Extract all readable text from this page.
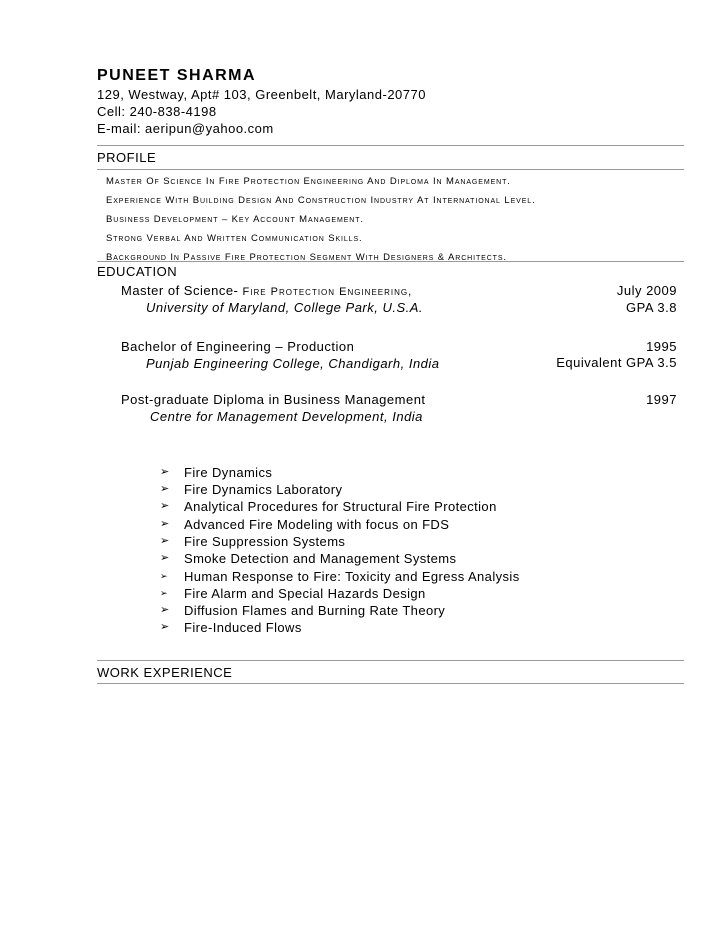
PUNEET SHARMA
129, Westway, Apt# 103, Greenbelt, Maryland-20770
Cell: 240-838-4198
E-mail: aeripun@yahoo.com
PROFILE
Master Of Science In Fire Protection Engineering And Diploma In Management.
Experience With Building Design And Construction Industry At International Level.
Business Development – Key Account Management.
Strong Verbal And Written Communication Skills.
Background In Passive Fire Protection Segment With Designers & Architects.
EDUCATION
Master of Science- Fire Protection Engineering,
University of Maryland, College Park, U.S.A.
July 2009
GPA 3.8
Bachelor of Engineering – Production
Punjab Engineering College, Chandigarh, India
1995
Equivalent GPA 3.5
Post-graduate Diploma in Business Management
Centre for Management Development, India
1997
➢ Fire Dynamics
➢ Fire Dynamics Laboratory
➢ Analytical Procedures for Structural Fire Protection
➢ Advanced Fire Modeling with focus on FDS
➢ Fire Suppression Systems
➢ Smoke Detection and Management Systems
➢ Human Response to Fire: Toxicity and Egress Analysis
➢ Fire Alarm and Special Hazards Design
➢ Diffusion Flames and Burning Rate Theory
➢ Fire-Induced Flows
WORK EXPERIENCE
